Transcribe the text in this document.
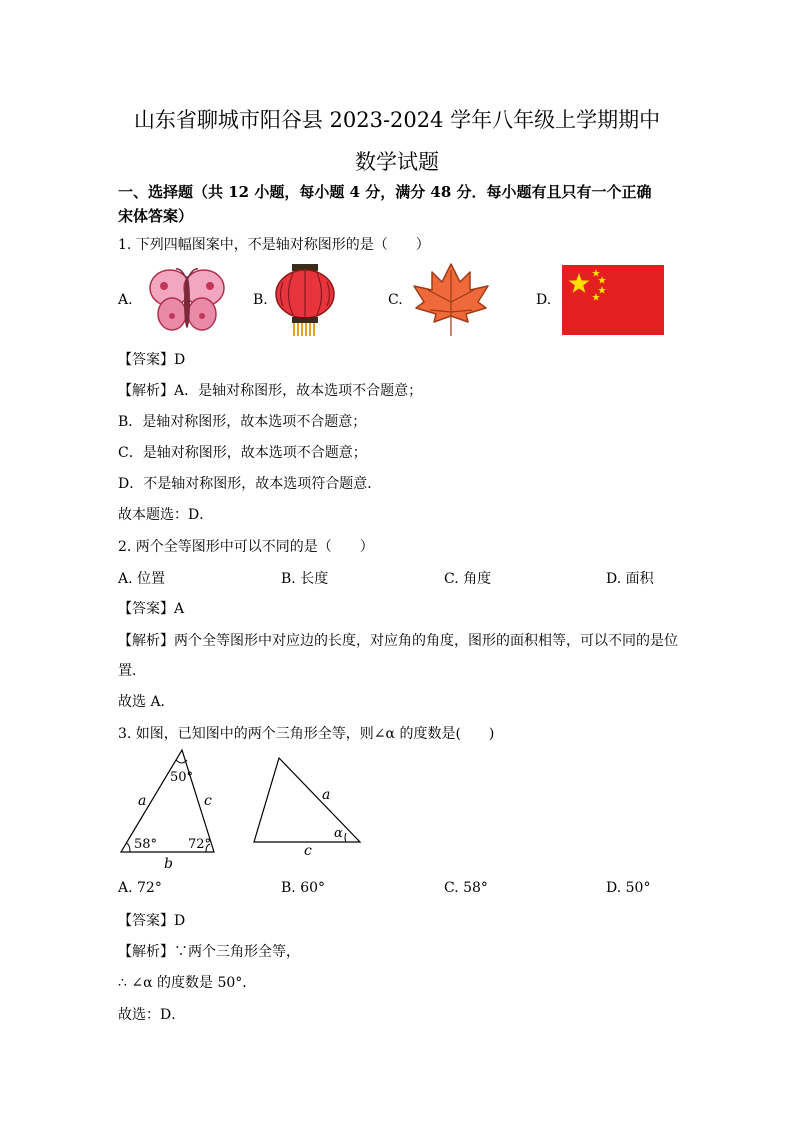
山东省聊城市阳谷县 2023-2024 学年八年级上学期期中
数学试题
一、选择题（共 12 小题，每小题 4 分，满分 48 分．每小题有且只有一个正确
宋体答案）
1. 下列四幅图案中，不是轴对称图形的是（　　）
A.	B.	C.	D.
【答案】D
【解析】A．是轴对称图形，故本选项不合题意；
B．是轴对称图形，故本选项不合题意；
C．是轴对称图形，故本选项不合题意；
D．不是轴对称图形，故本选项符合题意．
故本题选：D．
2. 两个全等图形中可以不同的是（　　）
A. 位置	B. 长度	C. 角度	D. 面积
【答案】A
【解析】两个全等图形中对应边的长度，对应角的角度，图形的面积相等，可以不同的是位
置．
故选 A．
3. 如图，已知图中的两个三角形全等，则∠α 的度数是(　　)
50°
58° 72°
a	c
b
a
α
c
A. 72°	B. 60°	C. 58°	D. 50°
【答案】D
【解析】∵两个三角形全等，
∴ ∠α 的度数是 50°．
故选：D．
